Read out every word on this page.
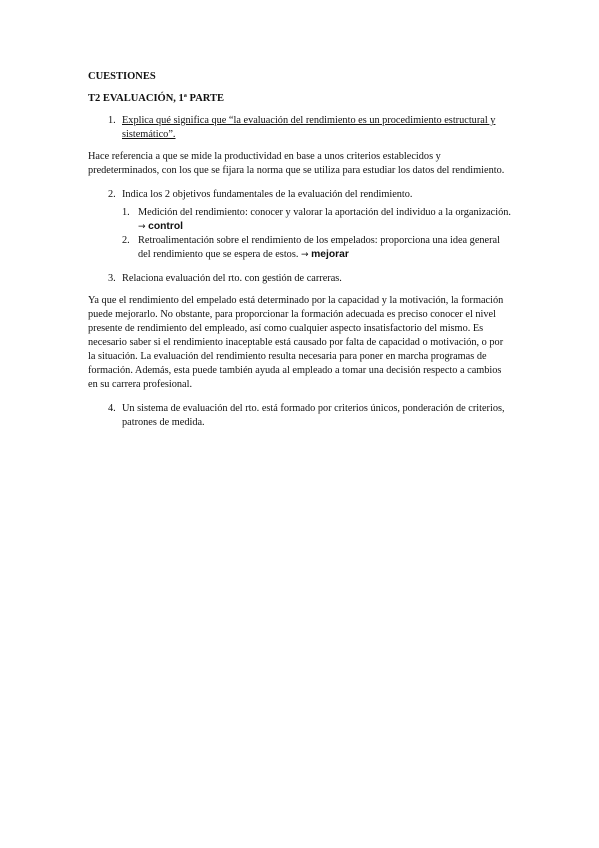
CUESTIONES
T2 EVALUACIÓN, 1ª PARTE
1. Explica qué significa que “la evaluación del rendimiento es un procedimiento estructural y sistemático”.
Hace referencia a que se mide la productividad en base a unos criterios establecidos y predeterminados, con los que se fijara la norma que se utiliza para estudiar los datos del rendimiento.
2. Indica los 2 objetivos fundamentales de la evaluación del rendimiento.
1. Medición del rendimiento: conocer y valorar la aportación del individuo a la organización. → control
2. Retroalimentación sobre el rendimiento de los empelados: proporciona una idea general del rendimiento que se espera de estos. → mejorar
3. Relaciona evaluación del rto. con gestión de carreras.
Ya que el rendimiento del empelado está determinado por la capacidad y la motivación, la formación puede mejorarlo. No obstante, para proporcionar la formación adecuada es preciso conocer el nivel presente de rendimiento del empleado, así como cualquier aspecto insatisfactorio del mismo. Es necesario saber si el rendimiento inaceptable está causado por falta de capacidad o motivación, o por la situación. La evaluación del rendimiento resulta necesaria para poner en marcha programas de formación. Además, esta puede también ayuda al empleado a tomar una decisión respecto a cambios en su carrera profesional.
4. Un sistema de evaluación del rto. está formado por criterios únicos, ponderación de criterios, patrones de medida.
